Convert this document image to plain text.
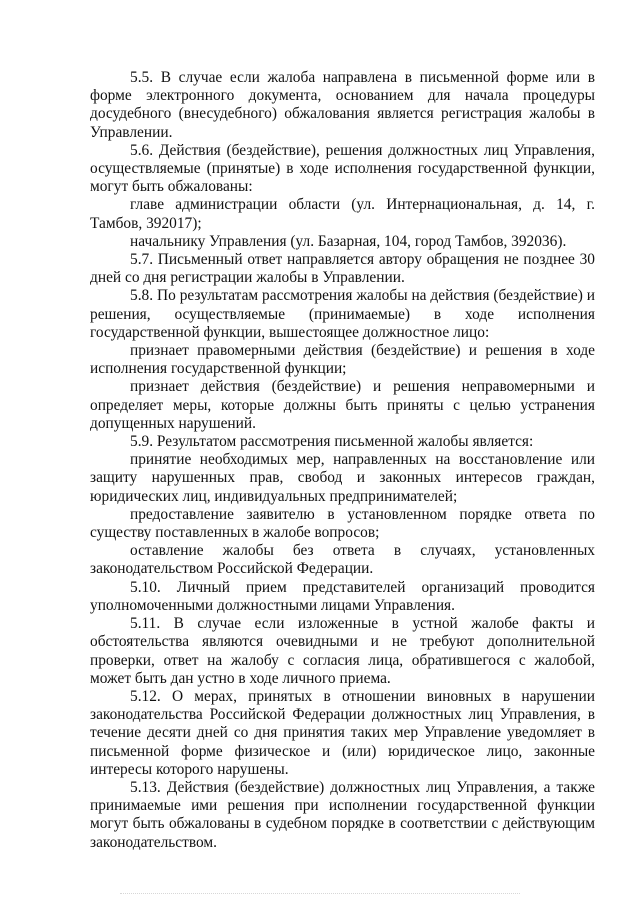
5.5. В случае если жалоба направлена в письменной форме или в форме электронного документа, основанием для начала процедуры досудебного (внесудебного) обжалования является регистрация жалобы в Управлении.

5.6. Действия (бездействие), решения должностных лиц Управления, осуществляемые (принятые) в ходе исполнения государственной функции, могут быть обжалованы:

главе администрации области (ул. Интернациональная, д. 14, г. Тамбов, 392017);

начальнику Управления (ул. Базарная, 104, город Тамбов, 392036).

5.7. Письменный ответ направляется автору обращения не позднее 30 дней со дня регистрации жалобы в Управлении.

5.8. По результатам рассмотрения жалобы на действия (бездействие) и решения, осуществляемые (принимаемые) в ходе исполнения государственной функции, вышестоящее должностное лицо:

признает правомерными действия (бездействие) и решения в ходе исполнения государственной функции;

признает действия (бездействие) и решения неправомерными и определяет меры, которые должны быть приняты с целью устранения допущенных нарушений.

5.9. Результатом рассмотрения письменной жалобы является:

принятие необходимых мер, направленных на восстановление или защиту нарушенных прав, свобод и законных интересов граждан, юридических лиц, индивидуальных предпринимателей;

предоставление заявителю в установленном порядке ответа по существу поставленных в жалобе вопросов;

оставление жалобы без ответа в случаях, установленных законодательством Российской Федерации.

5.10. Личный прием представителей организаций проводится уполномоченными должностными лицами Управления.

5.11. В случае если изложенные в устной жалобе факты и обстоятельства являются очевидными и не требуют дополнительной проверки, ответ на жалобу с согласия лица, обратившегося с жалобой, может быть дан устно в ходе личного приема.

5.12. О мерах, принятых в отношении виновных в нарушении законодательства Российской Федерации должностных лиц Управления, в течение десяти дней со дня принятия таких мер Управление уведомляет в письменной форме физическое и (или) юридическое лицо, законные интересы которого нарушены.

5.13. Действия (бездействие) должностных лиц Управления, а также принимаемые ими решения при исполнении государственной функции могут быть обжалованы в судебном порядке в соответствии с действующим законодательством.
